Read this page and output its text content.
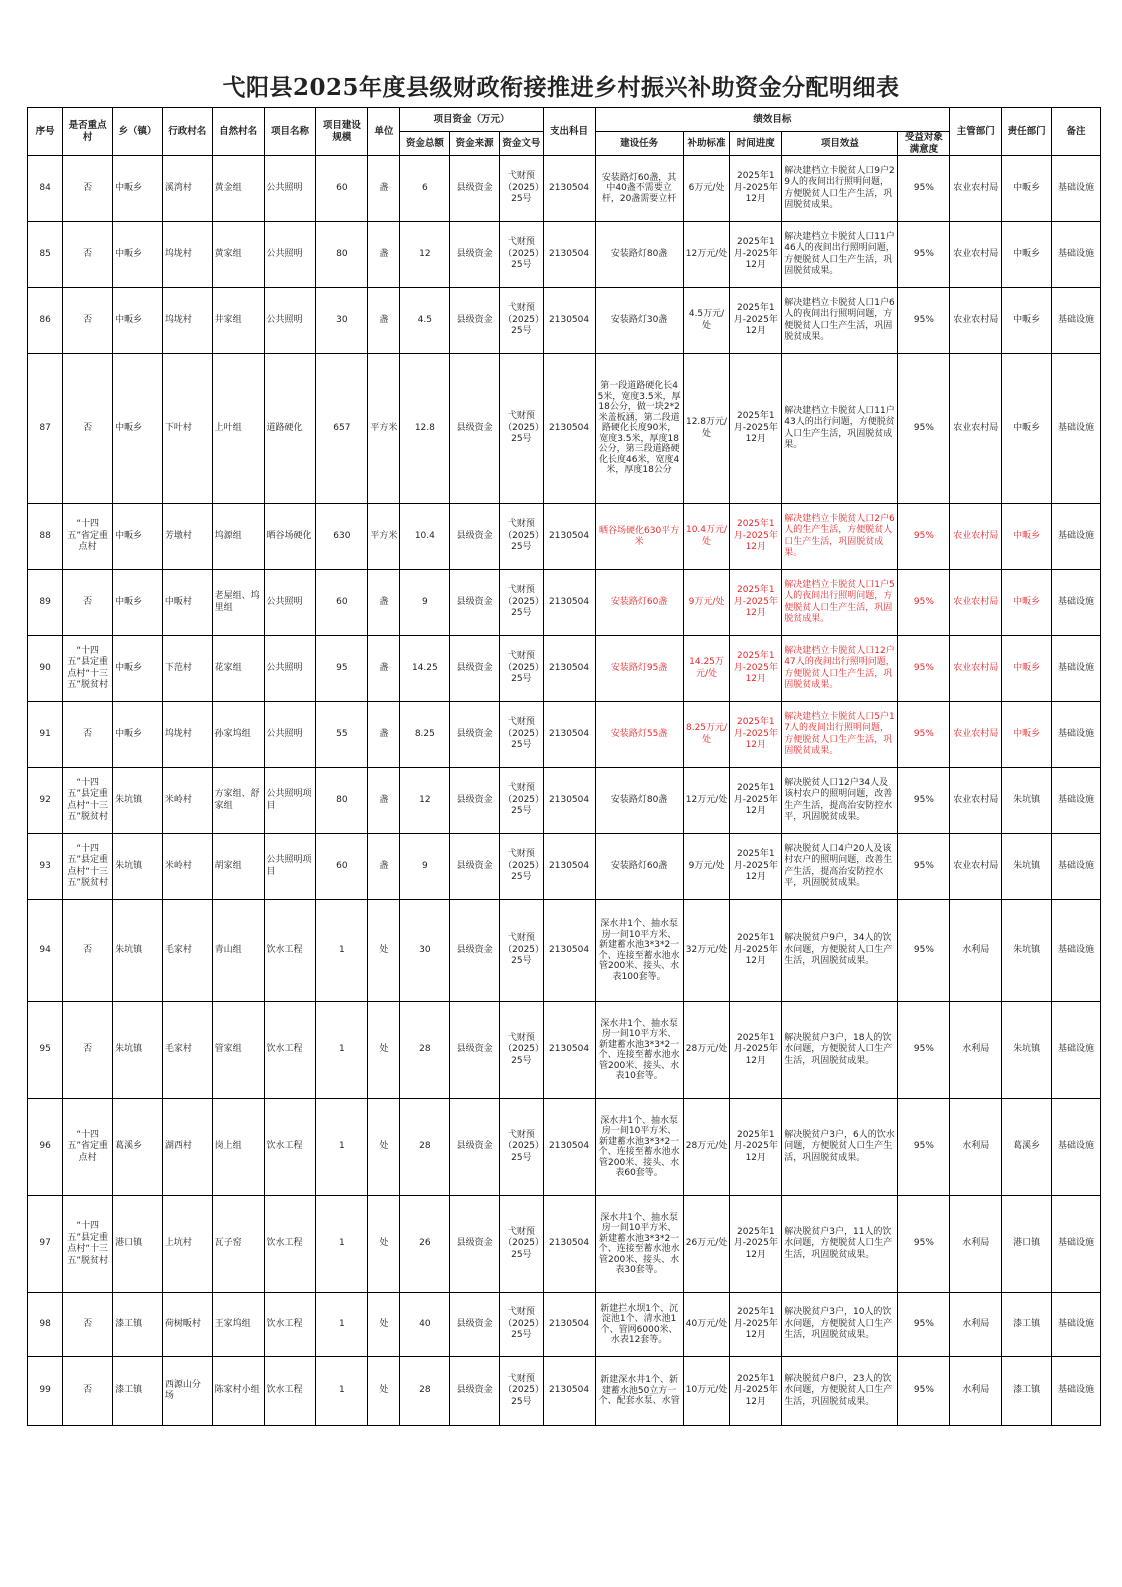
弋阳县2025年度县级财政衔接推进乡村振兴补助资金分配明细表
序号	是否重点村	乡（镇）	行政村名	自然村名	项目名称	项目建设规模	单位	项目资金（万元）			支出科目	绩效目标					主管部门	责任部门	备注
								资金总额	资金来源	资金文号		建设任务	补助标准	时间进度	项目效益	受益对象满意度			
84	否	中畈乡	溪湾村	黄金组	公共照明	60	盏	6	县级资金	弋财预（2025）25号	2130504	安装路灯60盏，其中40盏不需要立杆，20盏需要立杆	6万元/处	2025年1月-2025年12月	解决建档立卡脱贫人口9户29人的夜间出行照明问题，方便脱贫人口生产生活，巩固脱贫成果。	95%	农业农村局	中畈乡	基础设施
85	否	中畈乡	坞垅村	黄家组	公共照明	80	盏	12	县级资金	弋财预（2025）25号	2130504	安装路灯80盏	12万元/处	2025年1月-2025年12月	解决建档立卡脱贫人口11户46人的夜间出行照明问题，方便脱贫人口生产生活，巩固脱贫成果。	95%	农业农村局	中畈乡	基础设施
86	否	中畈乡	坞垅村	井家组	公共照明	30	盏	4.5	县级资金	弋财预（2025）25号	2130504	安装路灯30盏	4.5万元/处	2025年1月-2025年12月	解决建档立卡脱贫人口1户6人的夜间出行照明问题，方便脱贫人口生产生活，巩固脱贫成果。	95%	农业农村局	中畈乡	基础设施
87	否	中畈乡	下叶村	上叶组	道路硬化	657	平方米	12.8	县级资金	弋财预（2025）25号	2130504	第一段道路硬化长45米，宽度3.5米，厚18公分，做一块2*2米盖板涵，第二段道路硬化长度90米，宽度3.5米，厚度18公分，第三段道路硬化长度46米，宽度4米，厚度18公分	12.8万元/处	2025年1月-2025年12月	解决建档立卡脱贫人口11户43人的出行问题，方便脱贫人口生产生活，巩固脱贫成果。	95%	农业农村局	中畈乡	基础设施
88	“十四五”省定重点村	中畈乡	芳墩村	坞源组	晒谷场硬化	630	平方米	10.4	县级资金	弋财预（2025）25号	2130504	晒谷场硬化630平方米	10.4万元/处	2025年1月-2025年12月	解决建档立卡脱贫人口2户6人的生产生活，方便脱贫人口生产生活，巩固脱贫成果。	95%	农业农村局	中畈乡	基础设施
89	否	中畈乡	中畈村	老屋组、坞里组	公共照明	60	盏	9	县级资金	弋财预（2025）25号	2130504	安装路灯60盏	9万元/处	2025年1月-2025年12月	解决建档立卡脱贫人口1户5人的夜间出行照明问题，方便脱贫人口生产生活，巩固脱贫成果。	95%	农业农村局	中畈乡	基础设施
90	“十四五”县定重点村“十三五”脱贫村	中畈乡	下范村	花家组	公共照明	95	盏	14.25	县级资金	弋财预（2025）25号	2130504	安装路灯95盏	14.25万元/处	2025年1月-2025年12月	解决建档立卡脱贫人口12户47人的夜间出行照明问题，方便脱贫人口生产生活，巩固脱贫成果。	95%	农业农村局	中畈乡	基础设施
91	否	中畈乡	坞垅村	孙家坞组	公共照明	55	盏	8.25	县级资金	弋财预（2025）25号	2130504	安装路灯55盏	8.25万元/处	2025年1月-2025年12月	解决建档立卡脱贫人口5户17人的夜间出行照明问题，方便脱贫人口生产生活，巩固脱贫成果。	95%	农业农村局	中畈乡	基础设施
92	“十四五”县定重点村“十三五”脱贫村	朱坑镇	米岭村	方家组、舒家组	公共照明项目	80	盏	12	县级资金	弋财预（2025）25号	2130504	安装路灯80盏	12万元/处	2025年1月-2025年12月	解决脱贫人口12户34人及该村农户的照明问题，改善生产生活，提高治安防控水平，巩固脱贫成果。	95%	农业农村局	朱坑镇	基础设施
93	“十四五”县定重点村“十三五”脱贫村	朱坑镇	米岭村	胡家组	公共照明项目	60	盏	9	县级资金	弋财预（2025）25号	2130504	安装路灯60盏	9万元/处	2025年1月-2025年12月	解决脱贫人口4户20人及该村农户的照明问题，改善生产生活，提高治安防控水平，巩固脱贫成果。	95%	农业农村局	朱坑镇	基础设施
94	否	朱坑镇	毛家村	青山组	饮水工程	1	处	30	县级资金	弋财预（2025）25号	2130504	深水井1个、抽水泵房一间10平方米、新建蓄水池3*3*2一个、连接至蓄水池水管200米、接头、水表100套等。	32万元/处	2025年1月-2025年12月	解决脱贫户9户，34人的饮水问题，方便脱贫人口生产生活，巩固脱贫成果。	95%	水利局	朱坑镇	基础设施
95	否	朱坑镇	毛家村	管家组	饮水工程	1	处	28	县级资金	弋财预（2025）25号	2130504	深水井1个、抽水泵房一间10平方米、新建蓄水池3*3*2一个、连接至蓄水池水管200米、接头、水表10套等。	28万元/处	2025年1月-2025年12月	解决脱贫户3户，18人的饮水问题，方便脱贫人口生产生活，巩固脱贫成果。	95%	水利局	朱坑镇	基础设施
96	“十四五”省定重点村	葛溪乡	湖西村	岗上组	饮水工程	1	处	28	县级资金	弋财预（2025）25号	2130504	深水井1个、抽水泵房一间10平方米、新建蓄水池3*3*2一个、连接至蓄水池水管200米、接头、水表60套等。	28万元/处	2025年1月-2025年12月	解决脱贫户3户，6人的饮水问题，方便脱贫人口生产生活，巩固脱贫成果。	95%	水利局	葛溪乡	基础设施
97	“十四五”县定重点村“十三五”脱贫村	港口镇	上坑村	瓦子窑	饮水工程	1	处	26	县级资金	弋财预（2025）25号	2130504	深水井1个、抽水泵房一间10平方米、新建蓄水池3*3*2一个、连接至蓄水池水管200米、接头、水表30套等。	26万元/处	2025年1月-2025年12月	解决脱贫户3户，11人的饮水问题，方便脱贫人口生产生活，巩固脱贫成果。	95%	水利局	港口镇	基础设施
98	否	漆工镇	荷树畈村	王家坞组	饮水工程	1	处	40	县级资金	弋财预（2025）25号	2130504	新建拦水坝1个、沉淀池1个、清水池1个、管网6000米、水表12套等。	40万元/处	2025年1月-2025年12月	解决脱贫户3户，10人的饮水问题，方便脱贫人口生产生活，巩固脱贫成果。	95%	水利局	漆工镇	基础设施
99	否	漆工镇	西源山分场	陈家村小组	饮水工程	1	处	28	县级资金	弋财预（2025）25号	2130504	新建深水井1个、新建蓄水池50立方一个、配套水泵、水管	10万元/处	2025年1月-2025年12月	解决脱贫户8户，23人的饮水问题，方便脱贫人口生产生活，巩固脱贫成果。	95%	水利局	漆工镇	基础设施
